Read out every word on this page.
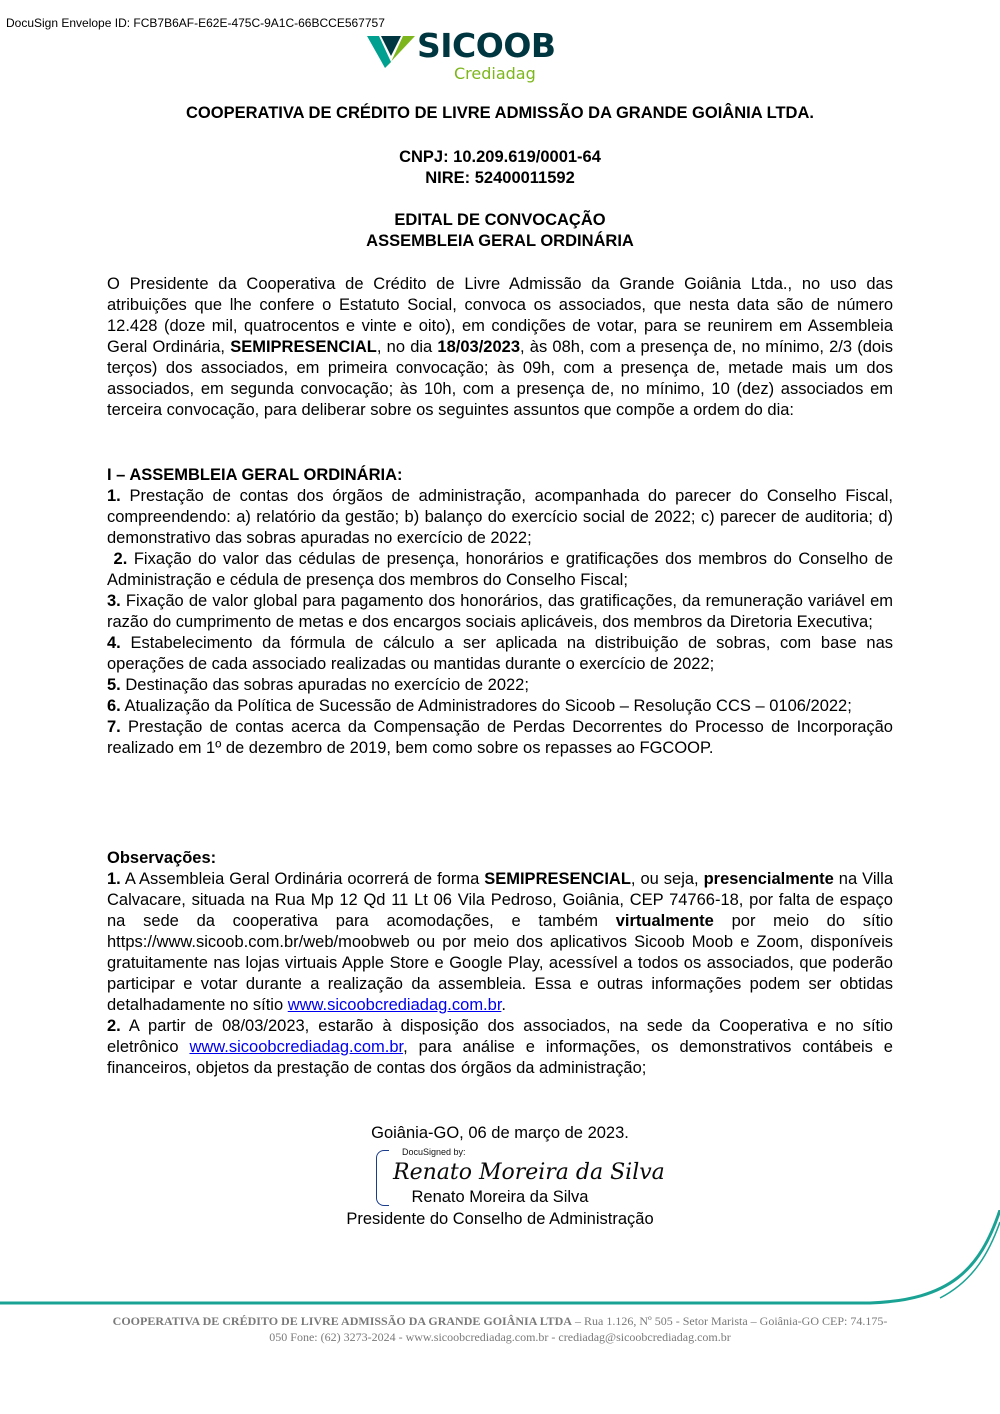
DocuSign Envelope ID: FCB7B6AF-E62E-475C-9A1C-66BCCE567757
SICOOB
Crediadag
COOPERATIVA DE CRÉDITO DE LIVRE ADMISSÃO DA GRANDE GOIÂNIA LTDA.
CNPJ: 10.209.619/0001-64
NIRE: 52400011592
EDITAL DE CONVOCAÇÃO
ASSEMBLEIA GERAL ORDINÁRIA

O Presidente da Cooperativa de Crédito de Livre Admissão da Grande Goiânia Ltda., no uso das atribuições que lhe confere o Estatuto Social, convoca os associados, que nesta data são de número 12.428 (doze mil, quatrocentos e vinte e oito), em condições de votar, para se reunirem em Assembleia Geral Ordinária, SEMIPRESENCIAL, no dia 18/03/2023, às 08h, com a presença de, no mínimo, 2/3 (dois terços) dos associados, em primeira convocação; às 09h, com a presença de, metade mais um dos associados, em segunda convocação; às 10h, com a presença de, no mínimo, 10 (dez) associados em terceira convocação, para deliberar sobre os seguintes assuntos que compõe a ordem do dia:

I – ASSEMBLEIA GERAL ORDINÁRIA:

1. Prestação de contas dos órgãos de administração, acompanhada do parecer do Conselho Fiscal, compreendendo: a) relatório da gestão; b) balanço do exercício social de 2022; c) parecer de auditoria; d) demonstrativo das sobras apuradas no exercício de 2022;

2. Fixação do valor das cédulas de presença, honorários e gratificações dos membros do Conselho de Administração e cédula de presença dos membros do Conselho Fiscal;

3. Fixação de valor global para pagamento dos honorários, das gratificações, da remuneração variável em razão do cumprimento de metas e dos encargos sociais aplicáveis, dos membros da Diretoria Executiva;

4. Estabelecimento da fórmula de cálculo a ser aplicada na distribuição de sobras, com base nas operações de cada associado realizadas ou mantidas durante o exercício de 2022;

5. Destinação das sobras apuradas no exercício de 2022;

6. Atualização da Política de Sucessão de Administradores do Sicoob – Resolução CCS – 0106/2022;

7. Prestação de contas acerca da Compensação de Perdas Decorrentes do Processo de Incorporação realizado em 1º de dezembro de 2019, bem como sobre os repasses ao FGCOOP.

Observações:

1. A Assembleia Geral Ordinária ocorrerá de forma SEMIPRESENCIAL, ou seja, presencialmente na Villa Calvacare, situada na Rua Mp 12 Qd 11 Lt 06 Vila Pedroso, Goiânia, CEP 74766-18, por falta de espaço na sede da cooperativa para acomodações, e também virtualmente por meio do sítio https://www.sicoob.com.br/web/moobweb ou por meio dos aplicativos Sicoob Moob e Zoom, disponíveis gratuitamente nas lojas virtuais Apple Store e Google Play, acessível a todos os associados, que poderão participar e votar durante a realização da assembleia. Essa e outras informações podem ser obtidas detalhadamente no sítio www.sicoobcrediadag.com.br.

2. A partir de 08/03/2023, estarão à disposição dos associados, na sede da Cooperativa e no sítio eletrônico www.sicoobcrediadag.com.br, para análise e informações, os demonstrativos contábeis e financeiros, objetos da prestação de contas dos órgãos da administração;

Goiânia-GO, 06 de março de 2023.
DocuSigned by:
Renato Moreira da Silva
Renato Moreira da Silva
Presidente do Conselho de Administração
COOPERATIVA DE CRÉDITO DE LIVRE ADMISSÃO DA GRANDE GOIÂNIA LTDA – Rua 1.126, Nº 505 - Setor Marista – Goiânia-GO CEP: 74.175-050 Fone: (62) 3273-2024 - www.sicoobcrediadag.com.br - crediadag@sicoobcrediadag.com.br
